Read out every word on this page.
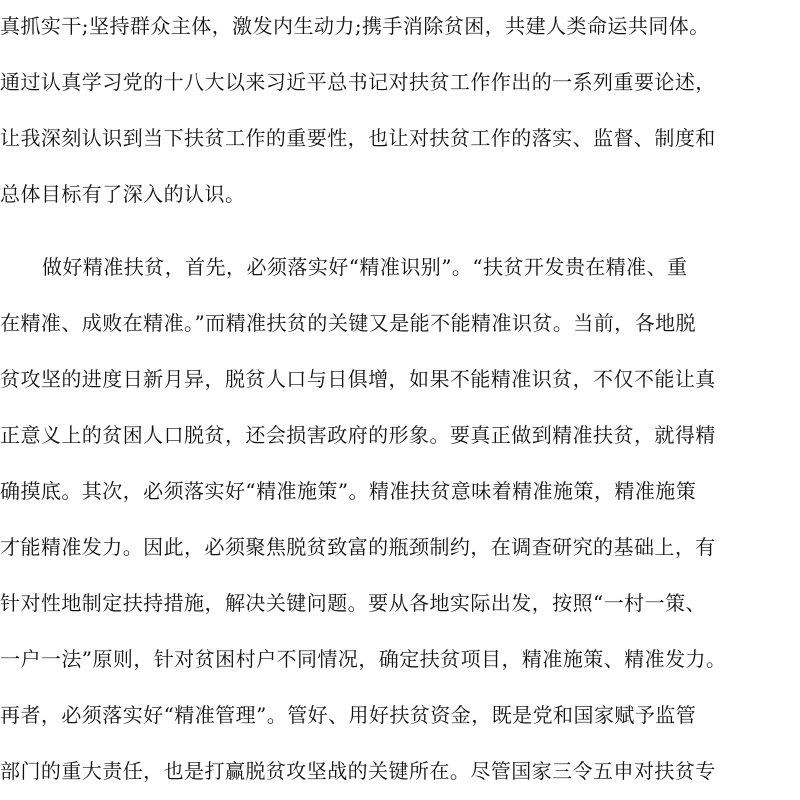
真抓实干;坚持群众主体，激发内生动力;携手消除贫困，共建人类命运共同体。
通过认真学习党的十八大以来习近平总书记对扶贫工作作出的一系列重要论述，
让我深刻认识到当下扶贫工作的重要性，也让对扶贫工作的落实、监督、制度和
总体目标有了深入的认识。
做好精准扶贫，首先，必须落实好“精准识别”。“扶贫开发贵在精准、重
在精准、成败在精准。”而精准扶贫的关键又是能不能精准识贫。当前，各地脱
贫攻坚的进度日新月异，脱贫人口与日俱增，如果不能精准识贫，不仅不能让真
正意义上的贫困人口脱贫，还会损害政府的形象。要真正做到精准扶贫，就得精
确摸底。其次，必须落实好“精准施策”。精准扶贫意味着精准施策，精准施策
才能精准发力。因此，必须聚焦脱贫致富的瓶颈制约，在调查研究的基础上，有
针对性地制定扶持措施，解决关键问题。要从各地实际出发，按照“一村一策、
一户一法”原则，针对贫困村户不同情况，确定扶贫项目，精准施策、精准发力。
再者，必须落实好“精准管理”。管好、用好扶贫资金，既是党和国家赋予监管
部门的重大责任，也是打赢脱贫攻坚战的关键所在。尽管国家三令五申对扶贫专
